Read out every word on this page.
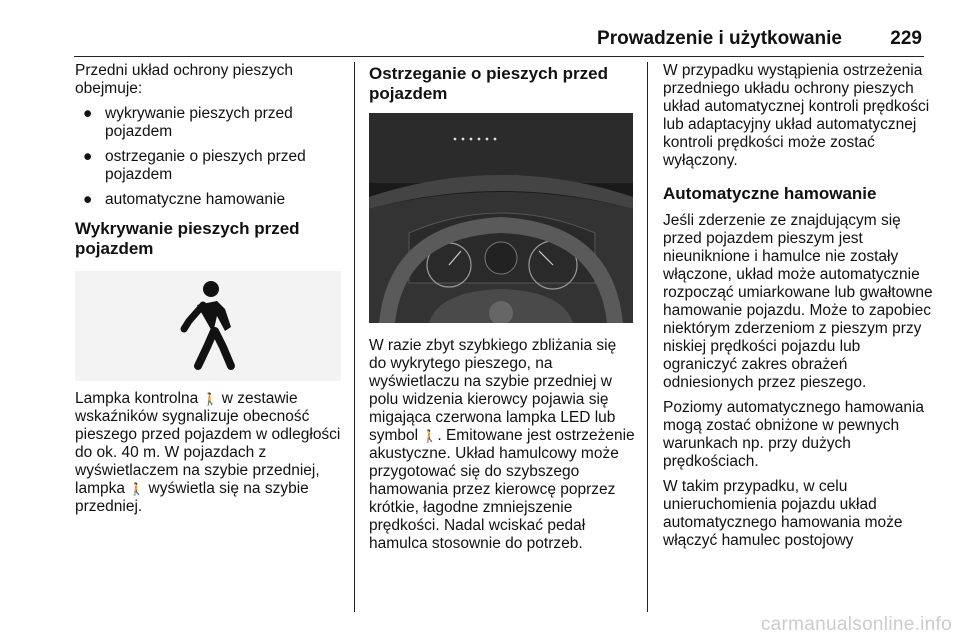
Prowadzenie i użytkowanie	229

Przedni układ ochrony pieszych obejmuje:

● wykrywanie pieszych przed pojazdem
● ostrzeganie o pieszych przed pojazdem
● automatyczne hamowanie
Wykrywanie pieszych przed pojazdem

Lampka kontrolna 🚶 w zestawie wskaźników sygnalizuje obecność pieszego przed pojazdem w odległości do ok. 40 m. W pojazdach z wyświetlaczem na szybie przedniej, lampka 🚶 wyświetla się na szybie przedniej.

Ostrzeganie o pieszych przed pojazdem

W razie zbyt szybkiego zbliżania się do wykrytego pieszego, na wyświetlaczu na szybie przedniej w polu widzenia kierowcy pojawia się migająca czerwona lampka LED lub symbol 🚶. Emitowane jest ostrzeżenie akustyczne. Układ hamulcowy może przygotować się do szybszego hamowania przez kierowcę poprzez krótkie, łagodne zmniejszenie prędkości. Nadal wciskać pedał hamulca stosownie do potrzeb.

W przypadku wystąpienia ostrzeżenia przedniego układu ochrony pieszych układ automatycznej kontroli prędkości lub adaptacyjny układ automatycznej kontroli prędkości może zostać wyłączony.

Automatyczne hamowanie

Jeśli zderzenie ze znajdującym się przed pojazdem pieszym jest nieuniknione i hamulce nie zostały włączone, układ może automatycznie rozpocząć umiarkowane lub gwałtowne hamowanie pojazdu. Może to zapobiec niektórym zderzeniom z pieszym przy niskiej prędkości pojazdu lub ograniczyć zakres obrażeń odniesionych przez pieszego.

Poziomy automatycznego hamowania mogą zostać obniżone w pewnych warunkach np. przy dużych prędkościach.

W takim przypadku, w celu unieruchomienia pojazdu układ automatycznego hamowania może włączyć hamulec postojowy

carmanualsonline.info
